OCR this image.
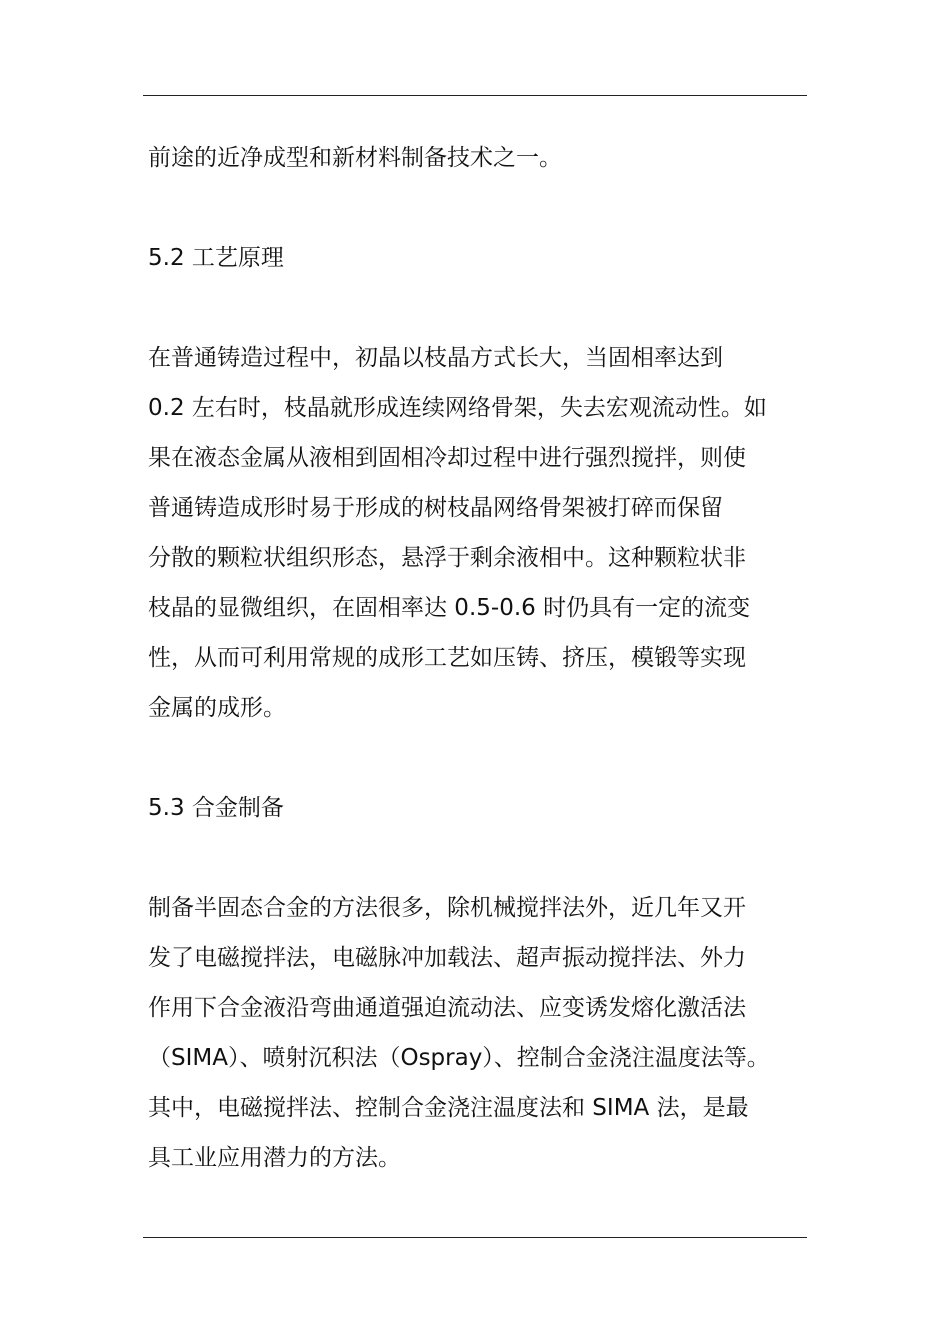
前途的近净成型和新材料制备技术之一。
5.2 工艺原理
在普通铸造过程中，初晶以枝晶方式长大，当固相率达到
0.2 左右时，枝晶就形成连续网络骨架，失去宏观流动性。如
果在液态金属从液相到固相冷却过程中进行强烈搅拌，则使
普通铸造成形时易于形成的树枝晶网络骨架被打碎而保留
分散的颗粒状组织形态，悬浮于剩余液相中。这种颗粒状非
枝晶的显微组织，在固相率达 0.5-0.6 时仍具有一定的流变
性，从而可利用常规的成形工艺如压铸、挤压，模锻等实现
金属的成形。
5.3 合金制备
制备半固态合金的方法很多，除机械搅拌法外，近几年又开
发了电磁搅拌法，电磁脉冲加载法、超声振动搅拌法、外力
作用下合金液沿弯曲通道强迫流动法、应变诱发熔化激活法
（SIMA）、喷射沉积法（Ospray）、控制合金浇注温度法等。
其中，电磁搅拌法、控制合金浇注温度法和 SIMA 法，是最
具工业应用潜力的方法。
